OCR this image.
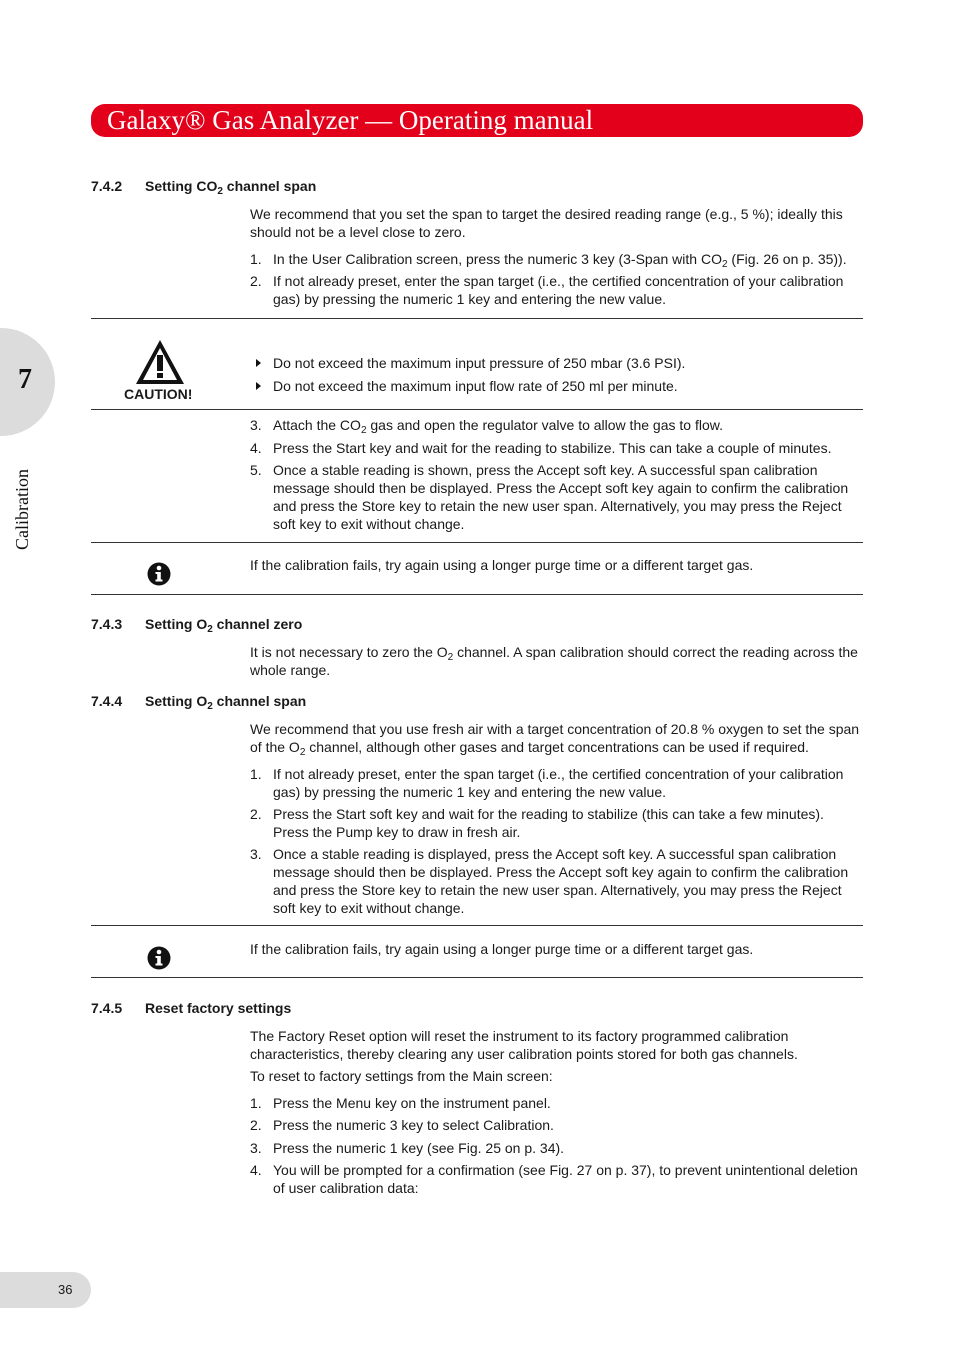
Galaxy® Gas Analyzer — Operating manual
7
Calibration
7.4.2 Setting $CO_2$ channel span
We recommend that you set the span to target the desired reading range (e.g., 5 %); ideally this should not be a level close to zero.
1. In the User Calibration screen, press the numeric 3 key (3-Span with $CO_2$ (Fig. 26 on p. 35)).
2. If not already preset, enter the span target (i.e., the certified concentration of your calibration gas) by pressing the numeric 1 key and entering the new value.
CAUTION!
Do not exceed the maximum input pressure of 250 mbar (3.6 PSI).
Do not exceed the maximum input flow rate of 250 ml per minute.
3. Attach the $CO_2$ gas and open the regulator valve to allow the gas to flow.
4. Press the Start key and wait for the reading to stabilize. This can take a couple of minutes.
5. Once a stable reading is shown, press the Accept soft key. A successful span calibration message should then be displayed. Press the Accept soft key again to confirm the calibration and press the Store key to retain the new user span. Alternatively, you may press the Reject soft key to exit without change.
If the calibration fails, try again using a longer purge time or a different target gas.
7.4.3 Setting $O_2$ channel zero
It is not necessary to zero the $O_2$ channel. A span calibration should correct the reading across the whole range.
7.4.4 Setting $O_2$ channel span
We recommend that you use fresh air with a target concentration of 20.8 % oxygen to set the span of the $O_2$ channel, although other gases and target concentrations can be used if required.
1. If not already preset, enter the span target (i.e., the certified concentration of your calibration gas) by pressing the numeric 1 key and entering the new value.
2. Press the Start soft key and wait for the reading to stabilize (this can take a few minutes). Press the Pump key to draw in fresh air.
3. Once a stable reading is displayed, press the Accept soft key. A successful span calibration message should then be displayed. Press the Accept soft key again to confirm the calibration and press the Store key to retain the new user span. Alternatively, you may press the Reject soft key to exit without change.
If the calibration fails, try again using a longer purge time or a different target gas.
7.4.5 Reset factory settings
The Factory Reset option will reset the instrument to its factory programmed calibration characteristics, thereby clearing any user calibration points stored for both gas channels.
To reset to factory settings from the Main screen:
1. Press the Menu key on the instrument panel.
2. Press the numeric 3 key to select Calibration.
3. Press the numeric 1 key (see Fig. 25 on p. 34).
4. You will be prompted for a confirmation (see Fig. 27 on p. 37), to prevent unintentional deletion of user calibration data:
36
